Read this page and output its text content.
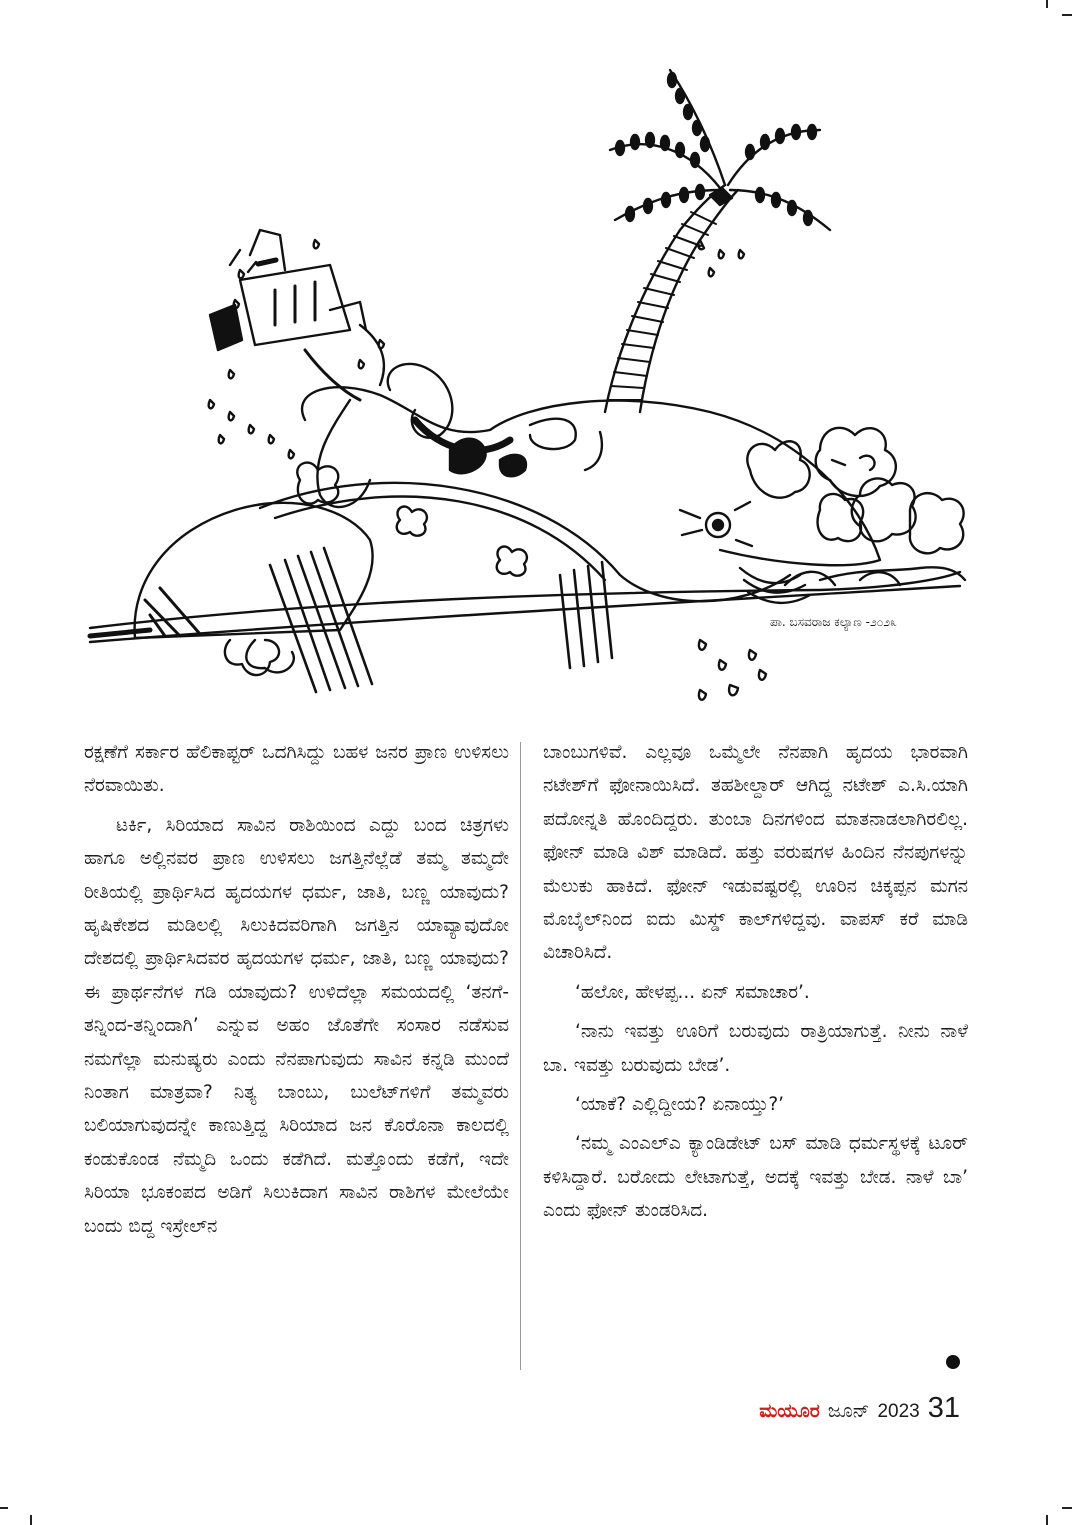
ಪಾ. ಬಸವರಾಜ ಕಲ್ಯಾಣ -೨೦೨೩

ರಕ್ಷಣೆಗೆ ಸರ್ಕಾರ ಹೆಲಿಕಾಪ್ಟರ್ ಒದಗಿಸಿದ್ದು ಬಹಳ ಜನರ ಪ್ರಾಣ ಉಳಿಸಲು ನೆರವಾಯಿತು.

ಟರ್ಕಿ, ಸಿರಿಯಾದ ಸಾವಿನ ರಾಶಿಯಿಂದ ಎದ್ದು ಬಂದ ಚಿತ್ರಗಳು ಹಾಗೂ ಅಲ್ಲಿನವರ ಪ್ರಾಣ ಉಳಿಸಲು ಜಗತ್ತಿನೆಲ್ಲೆಡೆ ತಮ್ಮ ತಮ್ಮದೇ ರೀತಿಯಲ್ಲಿ ಪ್ರಾರ್ಥಿಸಿದ ಹೃದಯಗಳ ಧರ್ಮ, ಜಾತಿ, ಬಣ್ಣ ಯಾವುದು? ಹೃಷಿಕೇಶದ ಮಡಿಲಲ್ಲಿ ಸಿಲುಕಿದವರಿಗಾಗಿ ಜಗತ್ತಿನ ಯಾವ್ಯಾವುದೋ ದೇಶದಲ್ಲಿ ಪ್ರಾರ್ಥಿಸಿದವರ ಹೃದಯಗಳ ಧರ್ಮ, ಜಾತಿ, ಬಣ್ಣ ಯಾವುದು? ಈ ಪ್ರಾರ್ಥನೆಗಳ ಗಡಿ ಯಾವುದು? ಉಳಿದೆಲ್ಲಾ ಸಮಯದಲ್ಲಿ ‘ತನಗೆ-ತನ್ನಿಂದ-ತನ್ನಿಂದಾಗಿ’ ಎನ್ನುವ ಅಹಂ ಜೊತೆಗೇ ಸಂಸಾರ ನಡೆಸುವ ನಮಗೆಲ್ಲಾ ಮನುಷ್ಯರು ಎಂದು ನೆನಪಾಗುವುದು ಸಾವಿನ ಕನ್ನಡಿ ಮುಂದೆ ನಿಂತಾಗ ಮಾತ್ರವಾ? ನಿತ್ಯ ಬಾಂಬು, ಬುಲೆಟ್‌ಗಳಿಗೆ ತಮ್ಮವರು ಬಲಿಯಾಗುವುದನ್ನೇ ಕಾಣುತ್ತಿದ್ದ ಸಿರಿಯಾದ ಜನ ಕೊರೊನಾ ಕಾಲದಲ್ಲಿ ಕಂಡುಕೊಂಡ ನೆಮ್ಮದಿ ಒಂದು ಕಡೆಗಿದೆ. ಮತ್ತೊಂದು ಕಡೆಗೆ, ಇದೇ ಸಿರಿಯಾ ಭೂಕಂಪದ ಅಡಿಗೆ ಸಿಲುಕಿದಾಗ ಸಾವಿನ ರಾಶಿಗಳ ಮೇಲೆಯೇ ಬಂದು ಬಿದ್ದ ಇಸ್ರೇಲ್‌ನ

ಬಾಂಬುಗಳಿವೆ. ಎಲ್ಲವೂ ಒಮ್ಮೆಲೇ ನೆನಪಾಗಿ ಹೃದಯ ಭಾರವಾಗಿ ನಟೇಶ್‌ಗೆ ಫೋನಾಯಿಸಿದೆ. ತಹಶೀಲ್ದಾರ್ ಆಗಿದ್ದ ನಟೇಶ್ ಎ.ಸಿ.ಯಾಗಿ ಪದೋನ್ನತಿ ಹೊಂದಿದ್ದರು. ತುಂಬಾ ದಿನಗಳಿಂದ ಮಾತನಾಡಲಾಗಿರಲಿಲ್ಲ. ಫೋನ್ ಮಾಡಿ ವಿಶ್ ಮಾಡಿದೆ. ಹತ್ತು ವರುಷಗಳ ಹಿಂದಿನ ನೆನಪುಗಳನ್ನು ಮೆಲುಕು ಹಾಕಿದೆ. ಫೋನ್ ಇಡುವಷ್ಟರಲ್ಲಿ ಊರಿನ ಚಿಕ್ಕಪ್ಪನ ಮಗನ ಮೊಬೈಲ್‌ನಿಂದ ಐದು ಮಿಸ್ಡ್ ಕಾಲ್‌ಗಳಿದ್ದವು. ವಾಪಸ್ ಕರೆ ಮಾಡಿ ವಿಚಾರಿಸಿದೆ.

‘ಹಲೋ, ಹೇಳಪ್ಪ... ಏನ್ ಸಮಾಚಾರ’.

‘ನಾನು ಇವತ್ತು ಊರಿಗೆ ಬರುವುದು ರಾತ್ರಿಯಾಗುತ್ತೆ. ನೀನು ನಾಳೆ ಬಾ. ಇವತ್ತು ಬರುವುದು ಬೇಡ’.

‘ಯಾಕೆ? ಎಲ್ಲಿದ್ದೀಯ? ಏನಾಯ್ತು?’

‘ನಮ್ಮ ಎಂಎಲ್ಎ ಕ್ಯಾಂಡಿಡೇಟ್ ಬಸ್ ಮಾಡಿ ಧರ್ಮಸ್ಥಳಕ್ಕೆ ಟೂರ್ ಕಳಿಸಿದ್ದಾರೆ. ಬರೋದು ಲೇಟಾಗುತ್ತೆ, ಅದಕ್ಕೆ ಇವತ್ತು ಬೇಡ. ನಾಳೆ ಬಾ’ ಎಂದು ಫೋನ್ ತುಂಡರಿಸಿದ.

ಮಯೂರ ಜೂನ್ 2023 31
